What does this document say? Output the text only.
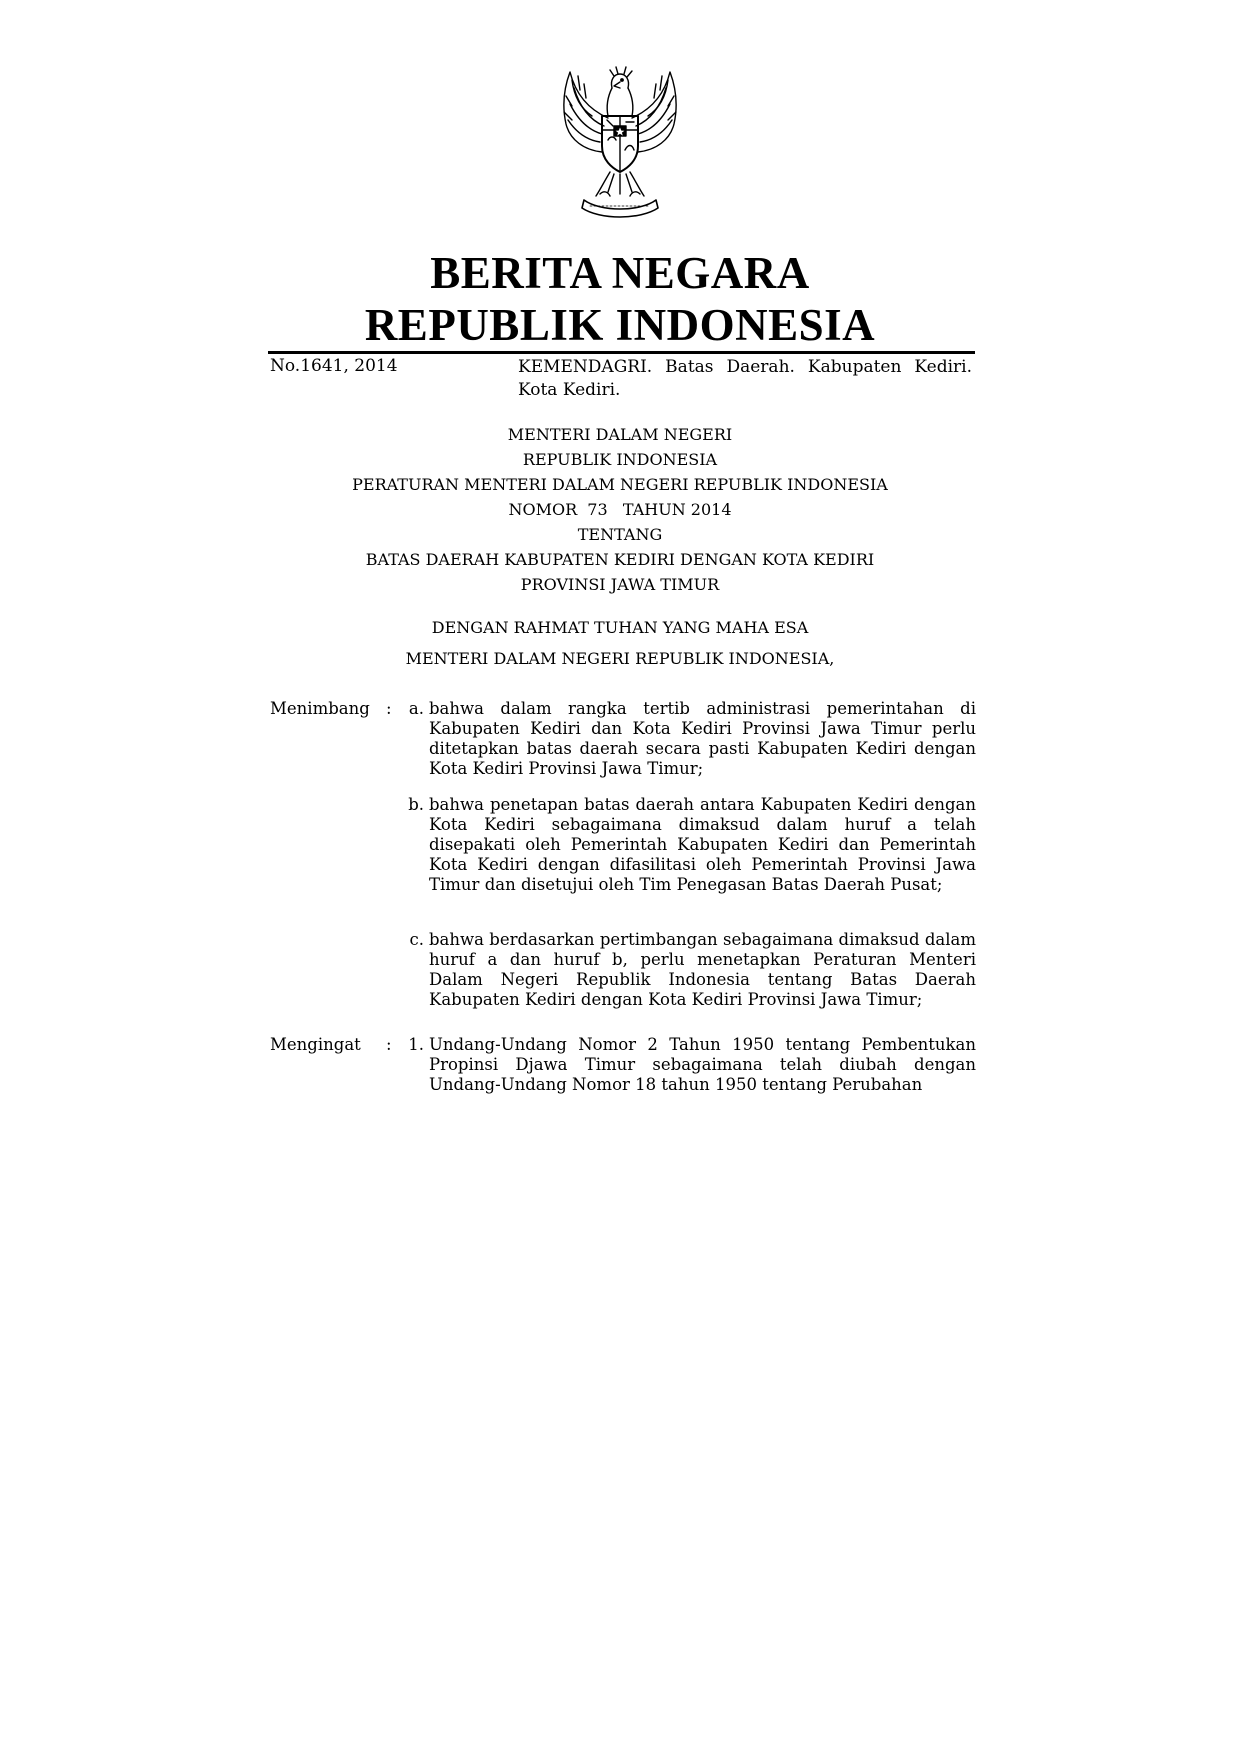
BERITA NEGARA
REPUBLIK INDONESIA
No.1641, 2014	KEMENDAGRI. Batas Daerah. Kabupaten Kediri. Kota Kediri.
MENTERI DALAM NEGERI
REPUBLIK INDONESIA
PERATURAN MENTERI DALAM NEGERI REPUBLIK INDONESIA
NOMOR  73   TAHUN 2014
TENTANG
BATAS DAERAH KABUPATEN KEDIRI DENGAN KOTA KEDIRI
PROVINSI JAWA TIMUR
DENGAN RAHMAT TUHAN YANG MAHA ESA
MENTERI DALAM NEGERI REPUBLIK INDONESIA,
Menimbang :	a. bahwa dalam rangka tertib administrasi pemerintahan di Kabupaten Kediri dan Kota Kediri Provinsi Jawa Timur perlu ditetapkan batas daerah secara pasti Kabupaten Kediri dengan Kota Kediri Provinsi Jawa Timur;
b. bahwa penetapan batas daerah antara Kabupaten Kediri dengan Kota Kediri sebagaimana dimaksud dalam huruf a telah disepakati oleh Pemerintah Kabupaten Kediri dan Pemerintah Kota Kediri dengan difasilitasi oleh Pemerintah Provinsi Jawa Timur dan disetujui oleh Tim Penegasan Batas Daerah Pusat;
c. bahwa berdasarkan pertimbangan sebagaimana dimaksud dalam huruf a dan huruf b, perlu menetapkan Peraturan Menteri Dalam Negeri Republik Indonesia tentang Batas Daerah Kabupaten Kediri dengan Kota Kediri Provinsi Jawa Timur;
Mengingat :	1. Undang-Undang Nomor 2 Tahun 1950 tentang Pembentukan Propinsi Djawa Timur sebagaimana telah diubah dengan Undang-Undang Nomor 18 tahun 1950 tentang Perubahan
